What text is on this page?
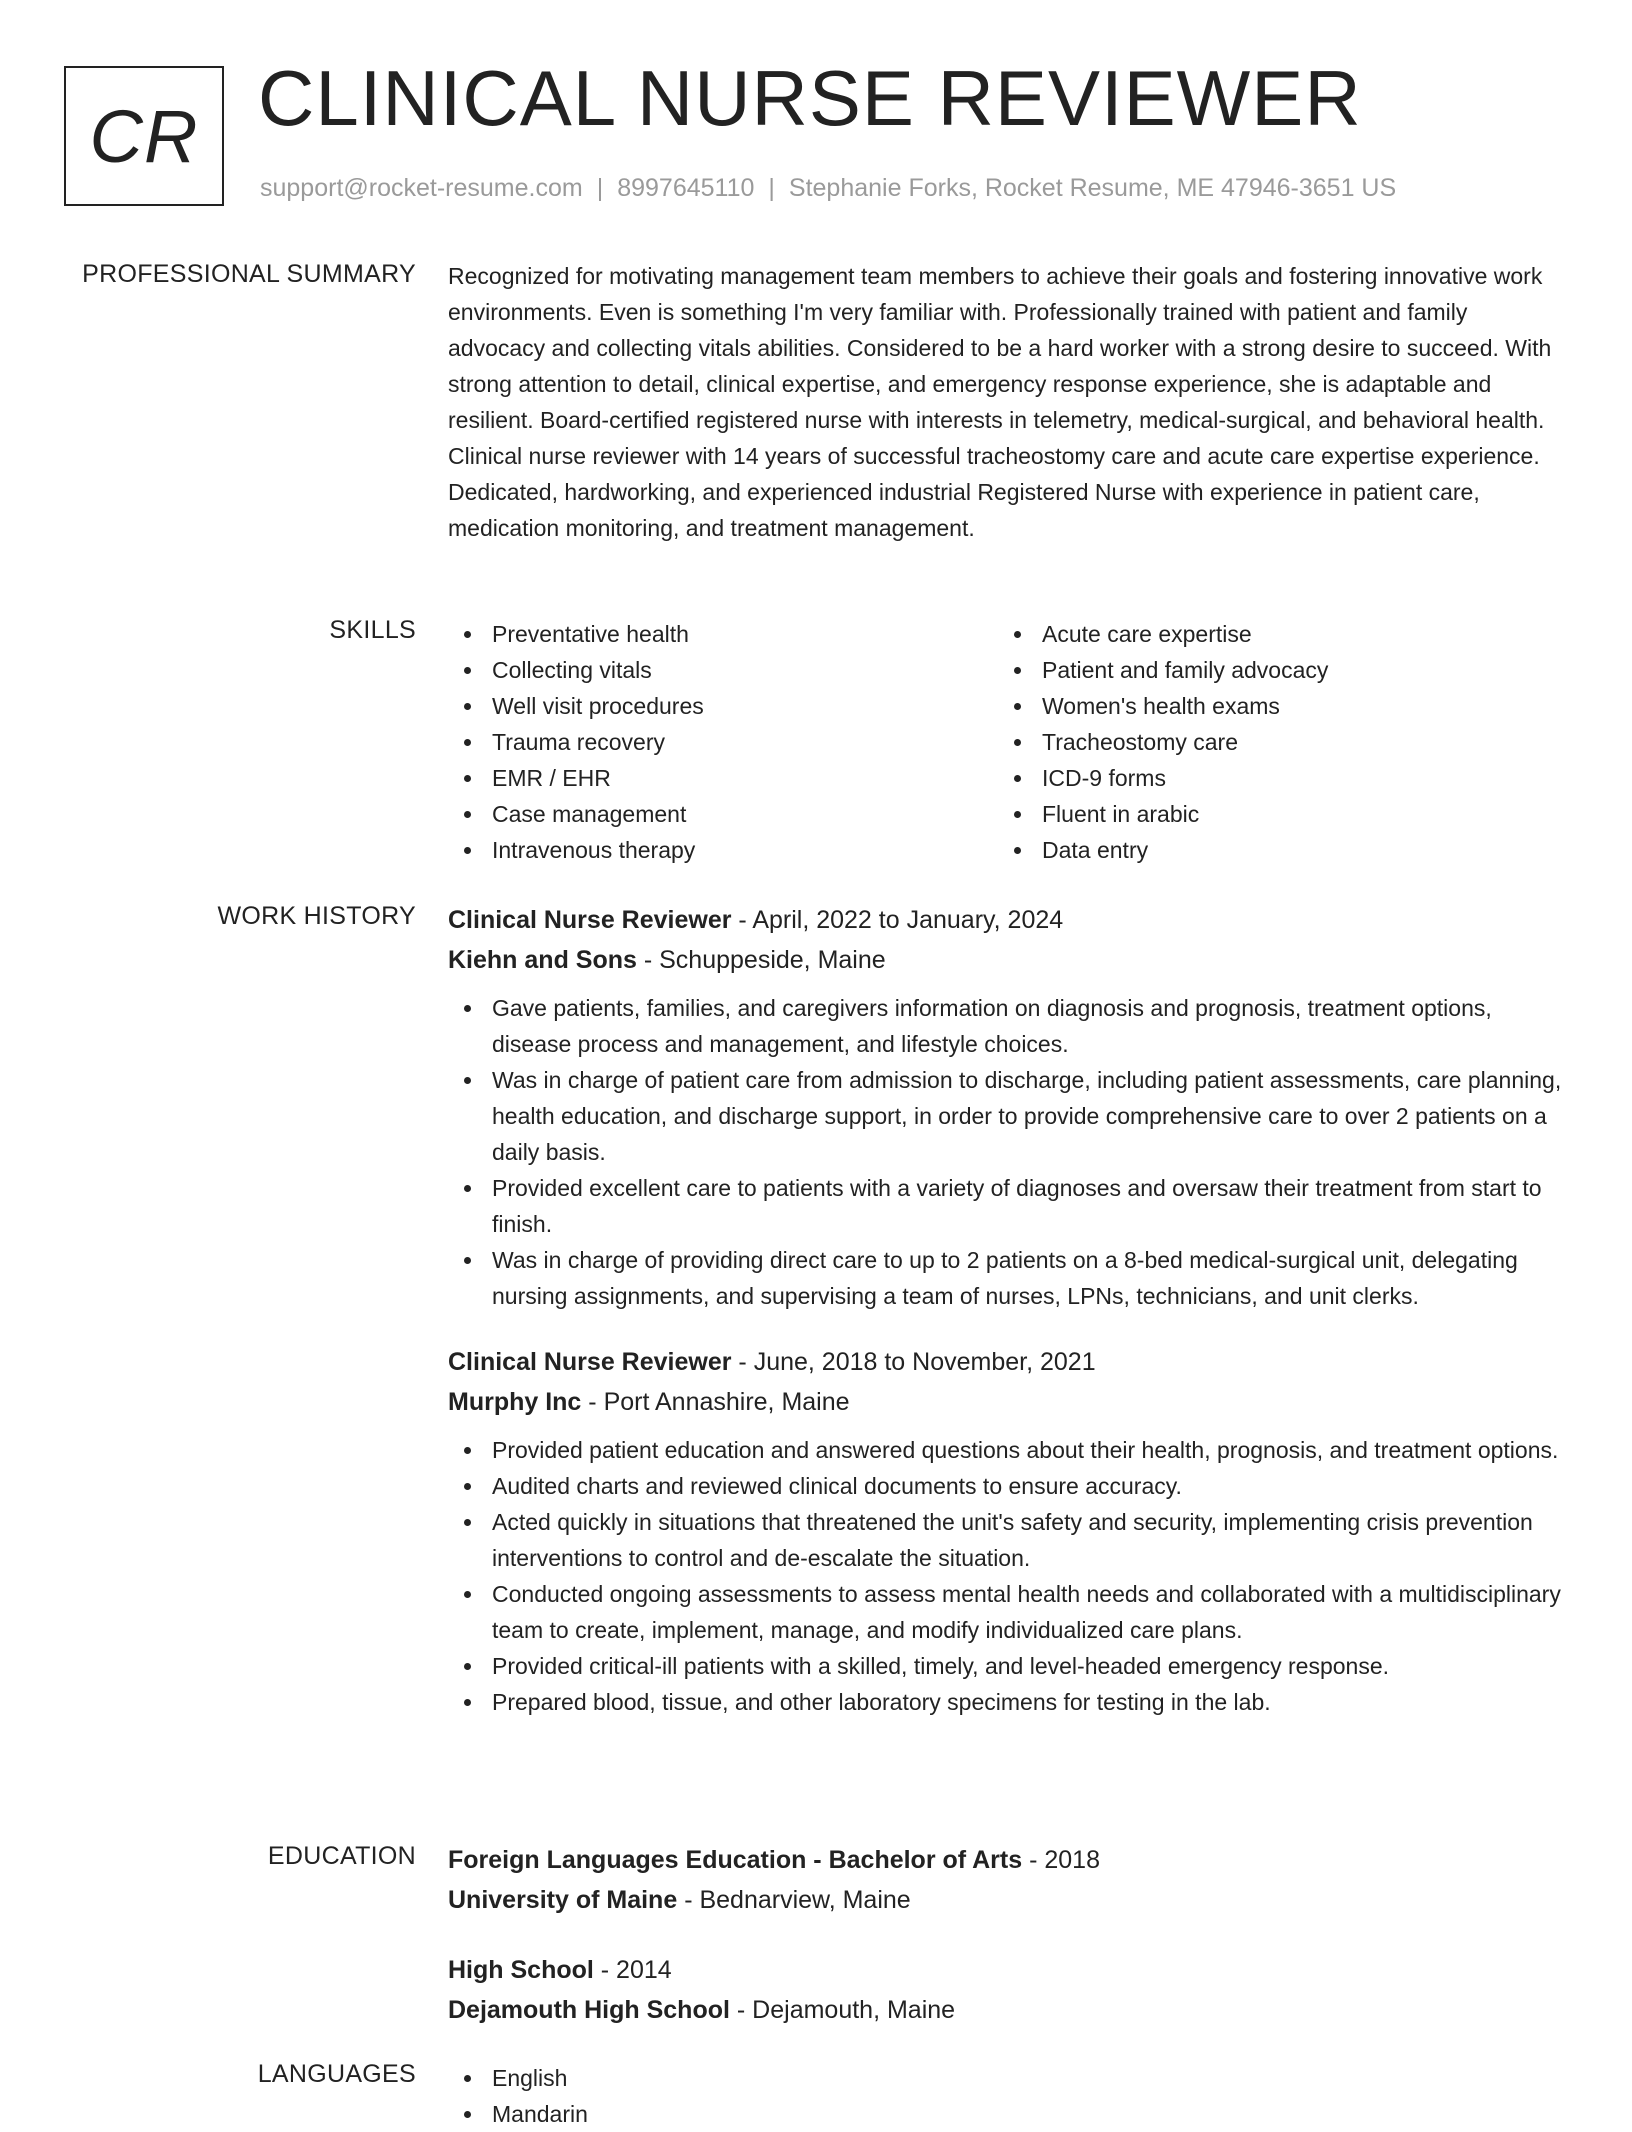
CR CLINICAL NURSE REVIEWER
support@rocket-resume.com | 8997645110 | Stephanie Forks, Rocket Resume, ME 47946-3651 US
PROFESSIONAL SUMMARY Recognized for motivating management team members to achieve their goals and fostering innovative work environments. Even is something I'm very familiar with. Professionally trained with patient and family advocacy and collecting vitals abilities. Considered to be a hard worker with a strong desire to succeed. With strong attention to detail, clinical expertise, and emergency response experience, she is adaptable and resilient. Board-certified registered nurse with interests in telemetry, medical-surgical, and behavioral health. Clinical nurse reviewer with 14 years of successful tracheostomy care and acute care expertise experience. Dedicated, hardworking, and experienced industrial Registered Nurse with experience in patient care, medication monitoring, and treatment management.

SKILLS	Preventative health
Collecting vitals
Well visit procedures
Trauma recovery
EMR / EHR
Case management
Intravenous therapy
Acute care expertise
Patient and family advocacy
Women's health exams
Tracheostomy care
ICD-9 forms
Fluent in arabic
Data entry
WORK HISTORY Clinical Nurse Reviewer - April, 2022 to January, 2024
Kiehn and Sons - Schuppeside, Maine
Gave patients, families, and caregivers information on diagnosis and prognosis, treatment options, disease process and management, and lifestyle choices.
Was in charge of patient care from admission to discharge, including patient assessments, care planning, health education, and discharge support, in order to provide comprehensive care to over 2 patients on a daily basis.
Provided excellent care to patients with a variety of diagnoses and oversaw their treatment from start to finish.
Was in charge of providing direct care to up to 2 patients on a 8-bed medical-surgical unit, delegating nursing assignments, and supervising a team of nurses, LPNs, technicians, and unit clerks.
Clinical Nurse Reviewer - June, 2018 to November, 2021
Murphy Inc - Port Annashire, Maine
Provided patient education and answered questions about their health, prognosis, and treatment options.
Audited charts and reviewed clinical documents to ensure accuracy.
Acted quickly in situations that threatened the unit's safety and security, implementing crisis prevention interventions to control and de-escalate the situation.
Conducted ongoing assessments to assess mental health needs and collaborated with a multidisciplinary team to create, implement, manage, and modify individualized care plans.
Provided critical-ill patients with a skilled, timely, and level-headed emergency response.
Prepared blood, tissue, and other laboratory specimens for testing in the lab.
EDUCATION Foreign Languages Education - Bachelor of Arts - 2018
University of Maine - Bednarview, Maine
High School - 2014
Dejamouth High School - Dejamouth, Maine
LANGUAGES	English
Mandarin
